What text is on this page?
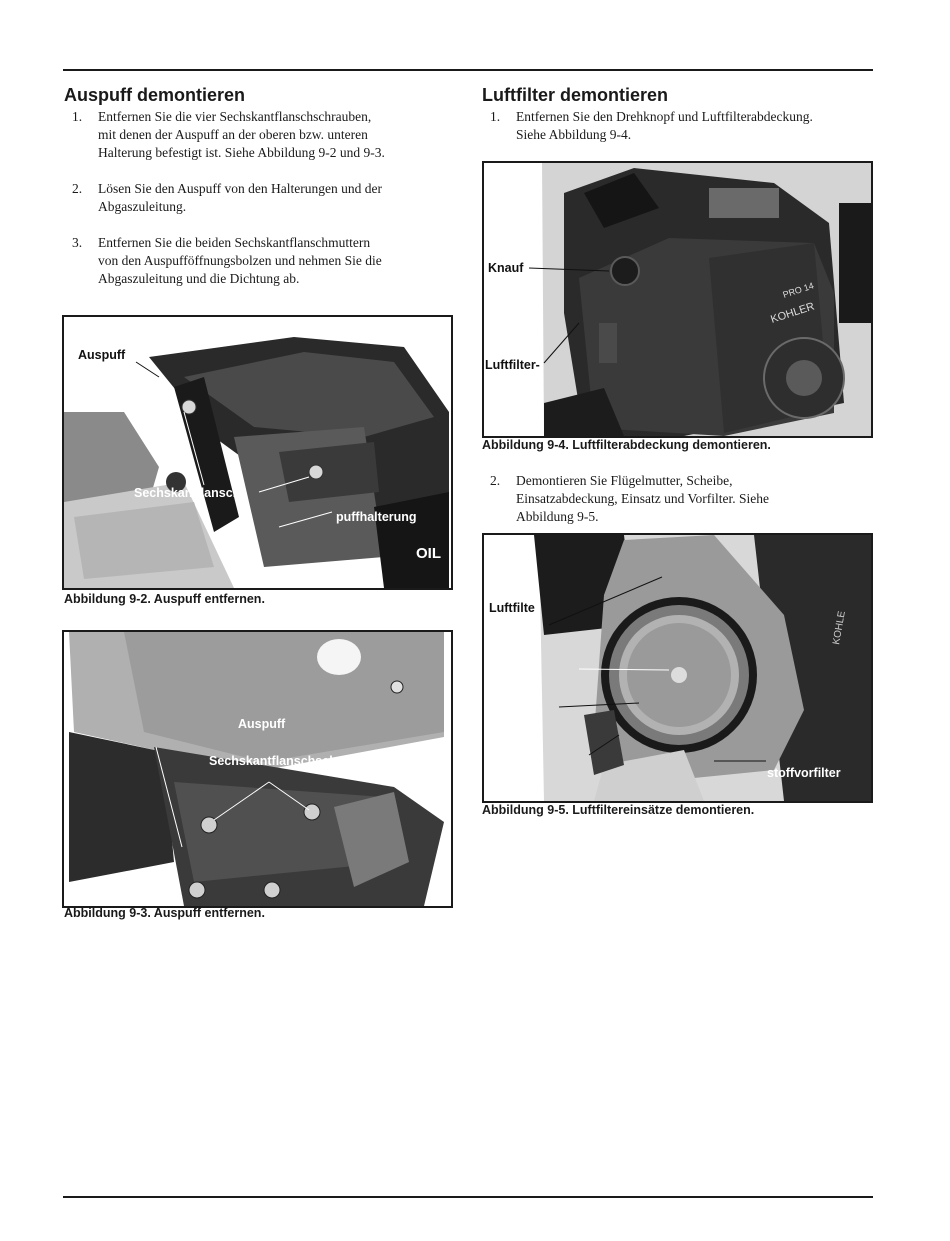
Auspuff demontieren
1. Entfernen Sie die vier Sechskantflanschschrauben,
mit denen der Auspuff an der oberen bzw. unteren
Halterung befestigt ist. Siehe Abbildung 9-2 und 9-3.
2. Lösen Sie den Auspuff von den Halterungen und der
Abgaszuleitung.
3. Entfernen Sie die beiden Sechskantflanschmuttern
von den Auspufföffnungsbolzen und nehmen Sie die
Abgaszuleitung und die Dichtung ab.
Auspuff
Sechskantflansch
puffhalterung
OIL
Abbildung 9-2. Auspuff entfernen.
Auspuff
Sechskantflanschschrauben
Abbildung 9-3. Auspuff entfernen.
Luftfilter demontieren
1. Entfernen Sie den Drehknopf und Luftfilterabdeckung.
Siehe Abbildung 9-4.
KOHLER
PRO 14
Knauf
Luftfilter-
Abbildung 9-4. Luftfilterabdeckung demontieren.
2. Demontieren Sie Flügelmutter, Scheibe,
Einsatzabdeckung, Einsatz und Vorfilter. Siehe
Abbildung 9-5.
KOHLE
Luftfilte
stoffvorfilter
Abbildung 9-5. Luftfiltereinsätze demontieren.
